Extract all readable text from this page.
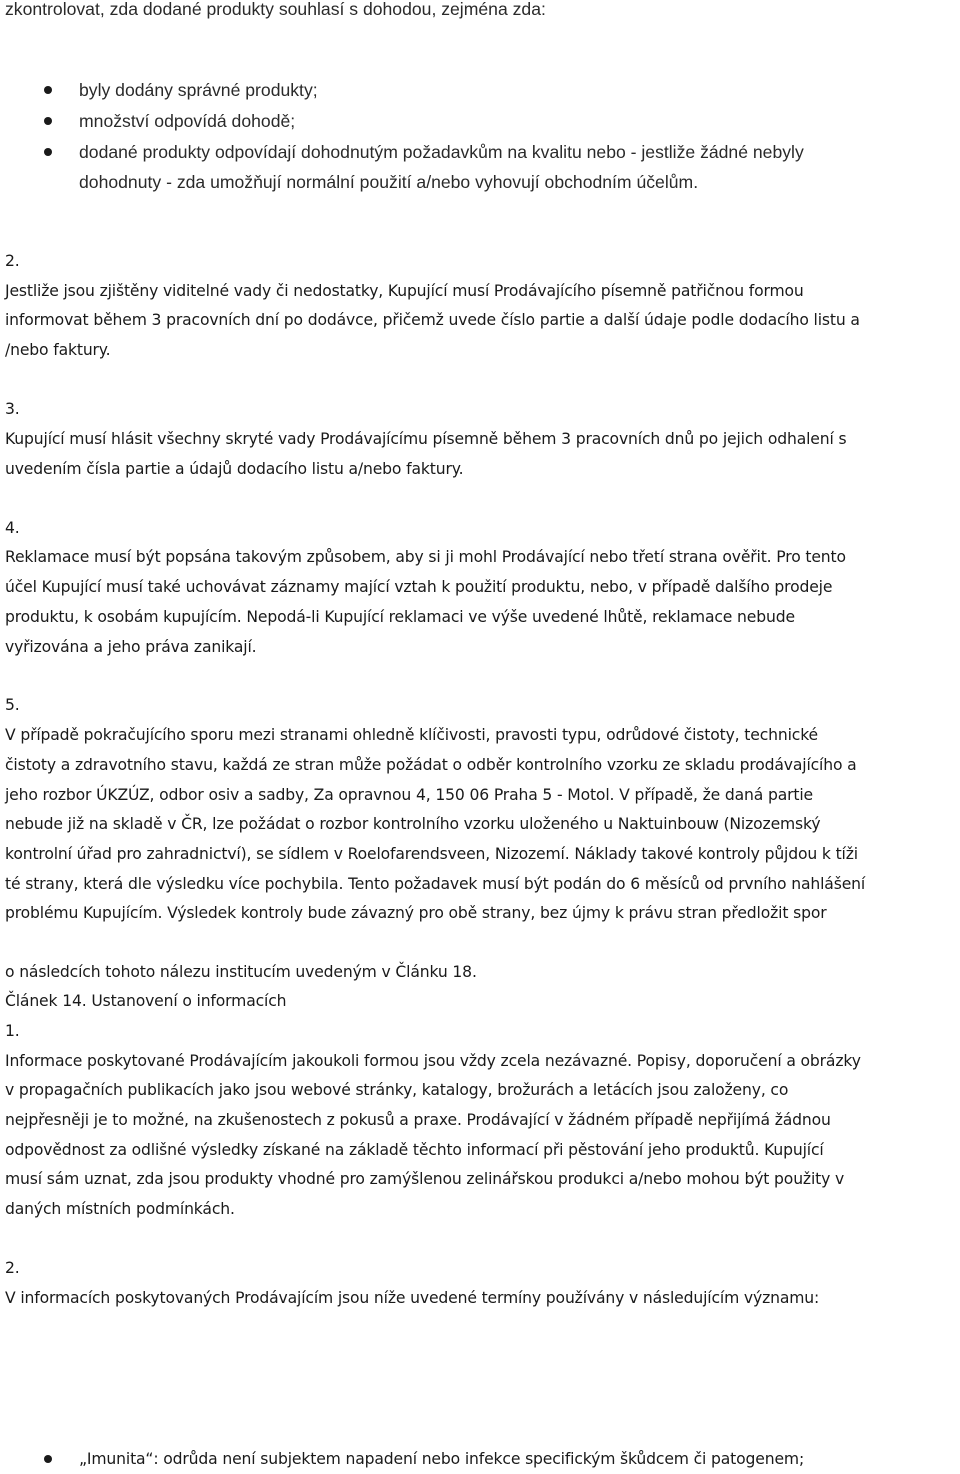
zkontrolovat, zda dodané produkty souhlasí s dohodou, zejména zda:
byly dodány správné produkty;
množství odpovídá dohodě;
dodané produkty odpovídají dohodnutým požadavkům na kvalitu nebo - jestliže žádné nebyly
dohodnuty - zda umožňují normální použití a/nebo vyhovují obchodním účelům.
2.
Jestliže jsou zjištěny viditelné vady či nedostatky, Kupující musí Prodávajícího písemně patřičnou formou
informovat během 3 pracovních dní po dodávce, přičemž uvede číslo partie a další údaje podle dodacího listu a
/nebo faktury.
3.
Kupující musí hlásit všechny skryté vady Prodávajícímu písemně během 3 pracovních dnů po jejich odhalení s
uvedením čísla partie a údajů dodacího listu a/nebo faktury.
4.
Reklamace musí být popsána takovým způsobem, aby si ji mohl Prodávající nebo třetí strana ověřit. Pro tento
účel Kupující musí také uchovávat záznamy mající vztah k použití produktu, nebo, v případě dalšího prodeje
produktu, k osobám kupujícím. Nepodá-li Kupující reklamaci ve výše uvedené lhůtě, reklamace nebude
vyřizována a jeho práva zanikají.
5.
V případě pokračujícího sporu mezi stranami ohledně klíčivosti, pravosti typu, odrůdové čistoty, technické
čistoty a zdravotního stavu, každá ze stran může požádat o odběr kontrolního vzorku ze skladu prodávajícího a
jeho rozbor ÚKZÚZ, odbor osiv a sadby, Za opravnou 4, 150 06 Praha 5 - Motol. V případě, že daná partie
nebude již na skladě v ČR, lze požádat o rozbor kontrolního vzorku uloženého u Naktuinbouw (Nizozemský
kontrolní úřad pro zahradnictví), se sídlem v Roelofarendsveen, Nizozemí. Náklady takové kontroly půjdou k tíži
té strany, která dle výsledku více pochybila. Tento požadavek musí být podán do 6 měsíců od prvního nahlášení
problému Kupujícím. Výsledek kontroly bude závazný pro obě strany, bez újmy k právu stran předložit spor
o následcích tohoto nálezu institucím uvedeným v Článku 18.
Článek 14. Ustanovení o informacích
1.
Informace poskytované Prodávajícím jakoukoli formou jsou vždy zcela nezávazné. Popisy, doporučení a obrázky
v propagačních publikacích jako jsou webové stránky, katalogy, brožurách a letácích jsou založeny, co
nejpřesněji je to možné, na zkušenostech z pokusů a praxe. Prodávající v žádném případě nepřijímá žádnou
odpovědnost za odlišné výsledky získané na základě těchto informací při pěstování jeho produktů. Kupující
musí sám uznat, zda jsou produkty vhodné pro zamýšlenou zelinářskou produkci a/nebo mohou být použity v
daných místních podmínkách.
2.
V informacích poskytovaných Prodávajícím jsou níže uvedené termíny používány v následujícím významu:
„Imunita“: odrůda není subjektem napadení nebo infekce specifickým škůdcem či patogenem;
